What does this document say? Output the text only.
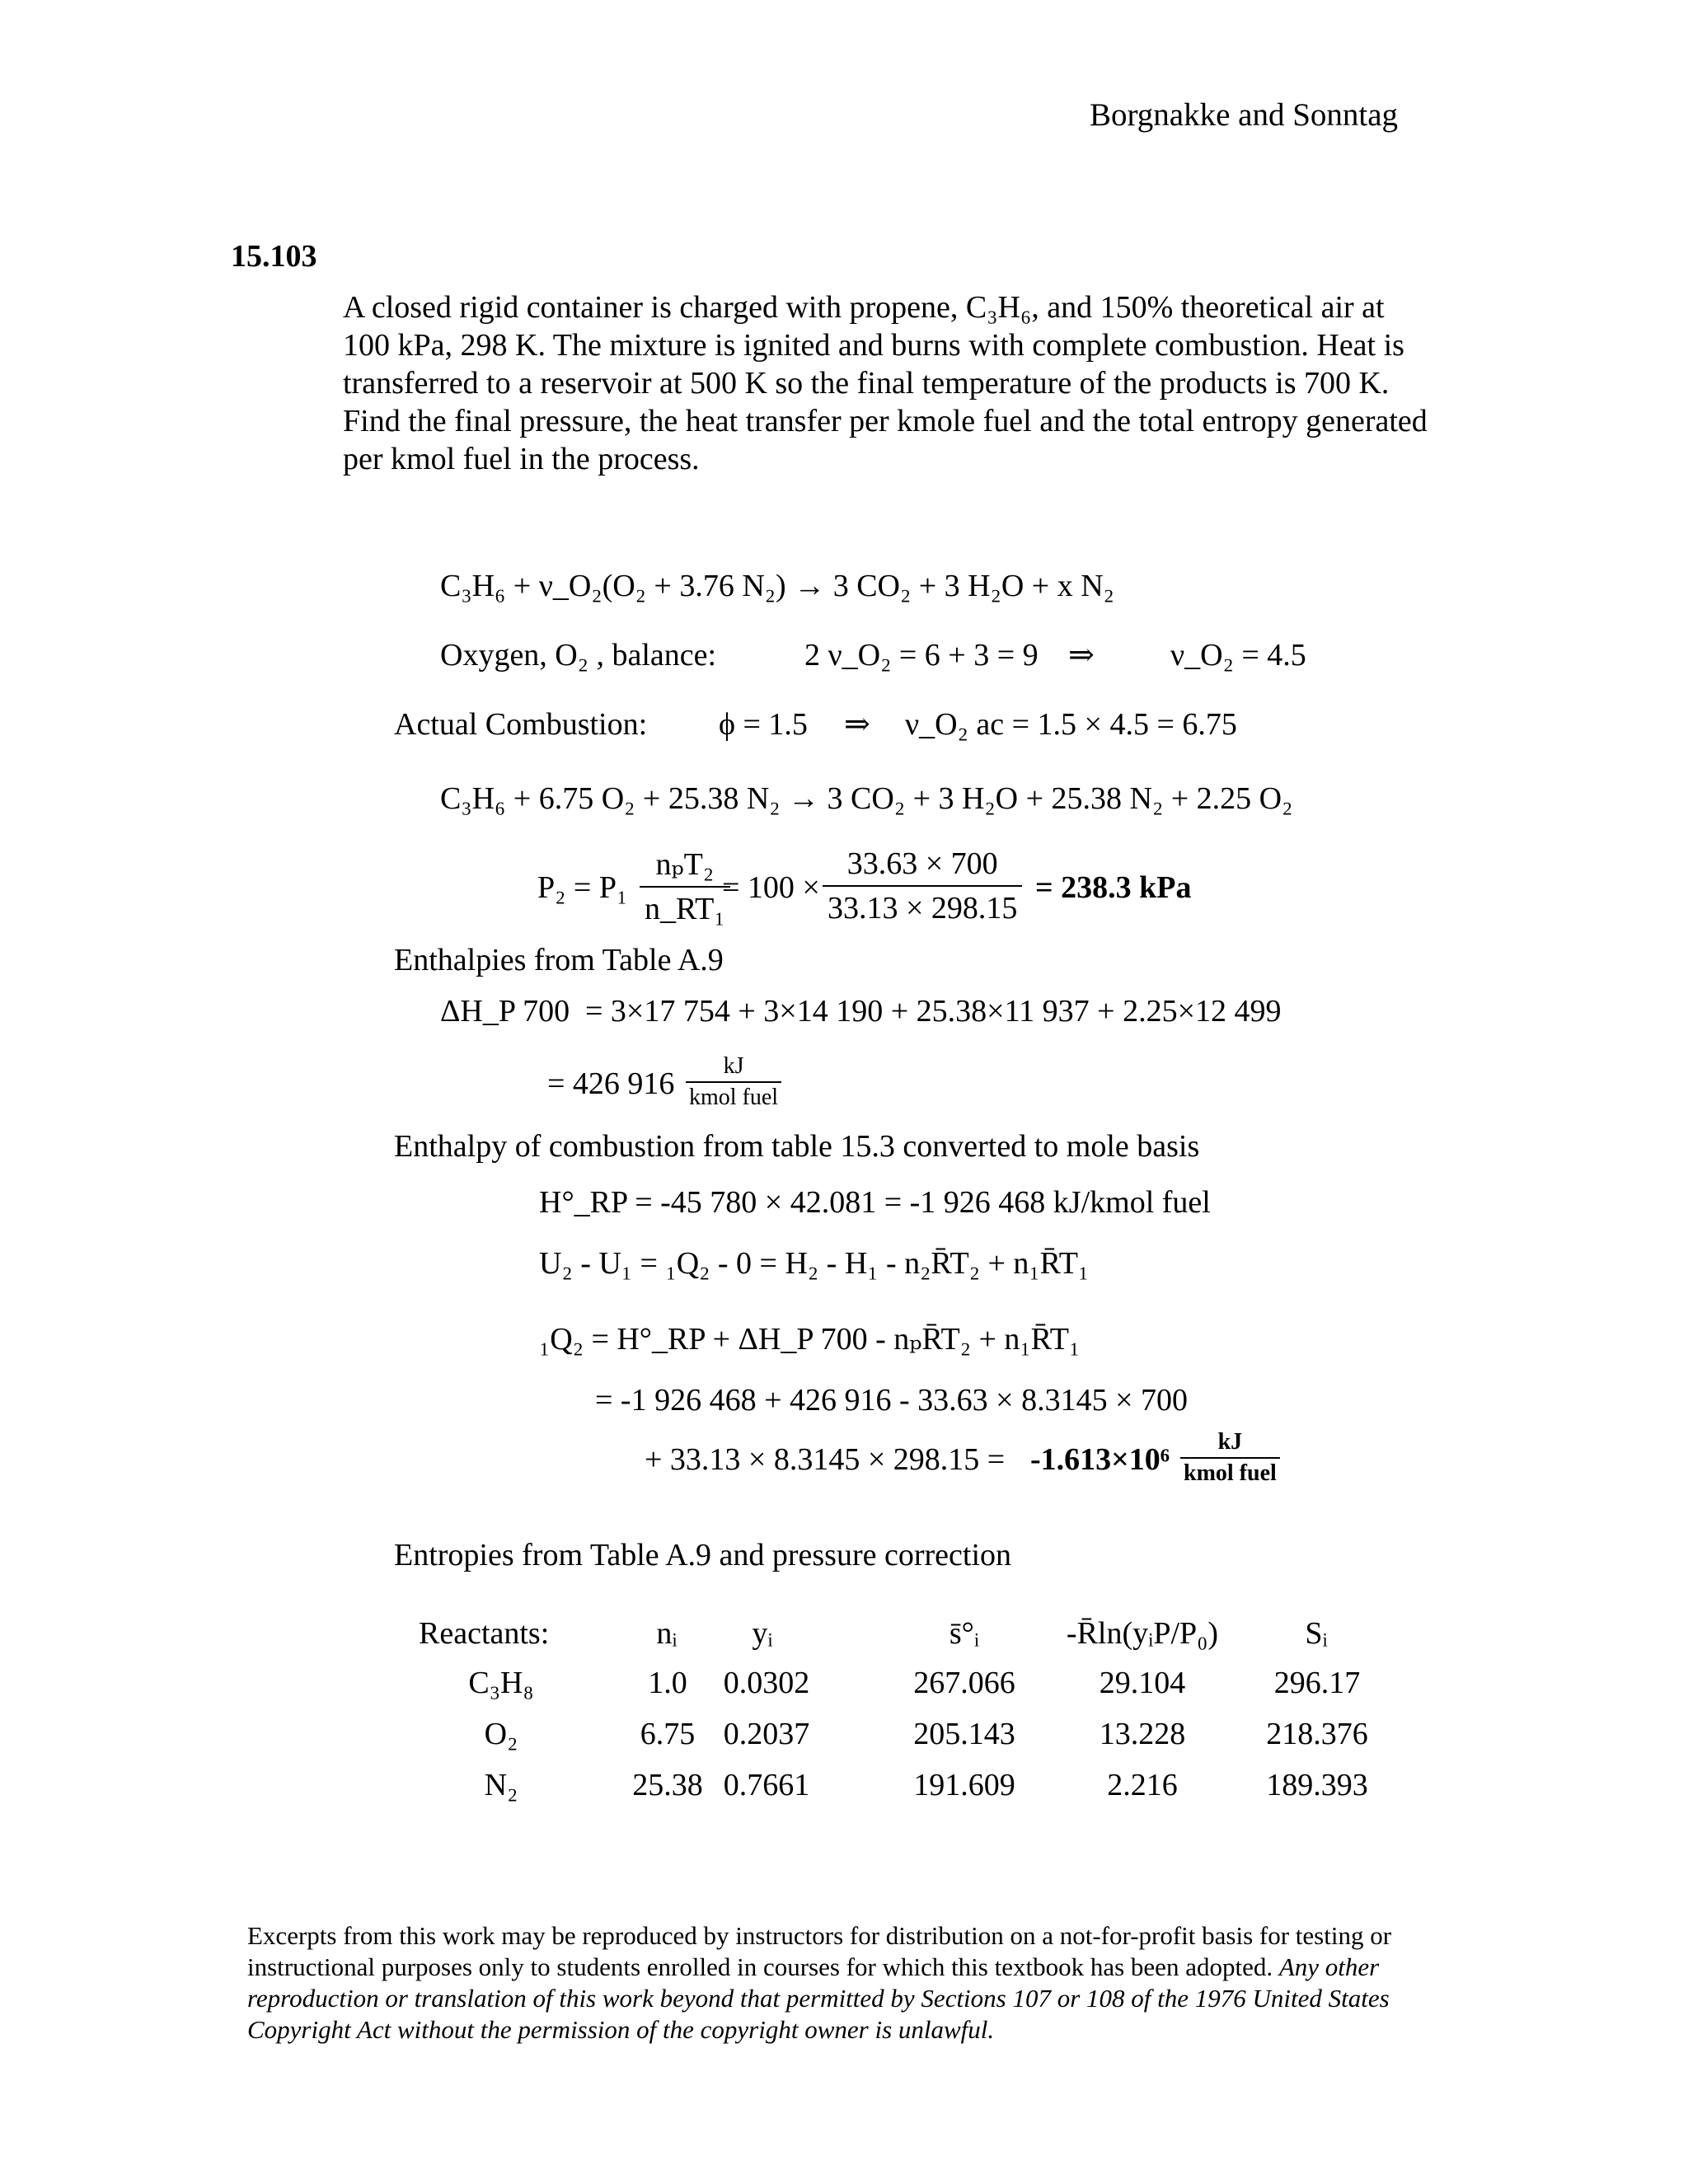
Borgnakke and Sonntag
15.103
A closed rigid container is charged with propene, C₃H₆, and 150% theoretical air at 100 kPa, 298 K. The mixture is ignited and burns with complete combustion. Heat is transferred to a reservoir at 500 K so the final temperature of the products is 700 K. Find the final pressure, the heat transfer per kmole fuel and the total entropy generated per kmol fuel in the process.
C₃H₆ + ν_O₂(O₂ + 3.76 N₂) → 3 CO₂ + 3 H₂O + x N₂
Oxygen, O₂ , balance:	2 ν_O₂ = 6 + 3 = 9 ⇒ ν_O₂ = 4.5
Actual Combustion: ϕ = 1.5 ⇒ ν_O₂ ac = 1.5 × 4.5 = 6.75
C₃H₆ + 6.75 O₂ + 25.38 N₂ → 3 CO₂ + 3 H₂O + 25.38 N₂ + 2.25 O₂
P₂ = P₁
nₚT₂
n_RT₁
= $100 \times \frac{33.63 \times 700}{33.13 \times 298.15} = 238.3$ kPa
Enthalpies from Table A.9
ΔH_P 700 = 3×17 754 + 3×14 190 + 25.38×11 937 + 2.25×12 499
= 426 916
kJ
kmol fuel
Enthalpy of combustion from table 15.3 converted to mole basis
H°_RP = -45 780 × 42.081 = -1 926 468 kJ/kmol fuel
U₂ - U₁ = ₁Q₂ - 0 = H₂ - H₁ - n₂R̄T₂ + n₁R̄T₁
₁Q₂ = H°_RP + ΔH_P 700 - nₚR̄T₂ + n₁R̄T₁
= -1 926 468 + 426 916 - 33.63 × 8.3145 × 700
+ 33.13 × 8.3145 × 298.15 = -1.613×10⁶
kJ
kmol fuel
Entropies from Table A.9 and pressure correction
Reactants:	nᵢ	yᵢ	s̄°ᵢ	-R̄ln(yᵢP/P₀)	Sᵢ
C₃H₈	1.0	0.0302	267.066	29.104	296.17
O₂	6.75 0.2037	205.143	13.228	218.376
N₂	25.38 0.7661	191.609	2.216	189.393
Excerpts from this work may be reproduced by instructors for distribution on a not-for-profit basis for testing or instructional purposes only to students enrolled in courses for which this textbook has been adopted. Any other reproduction or translation of this work beyond that permitted by Sections 107 or 108 of the 1976 United States Copyright Act without the permission of the copyright owner is unlawful.
